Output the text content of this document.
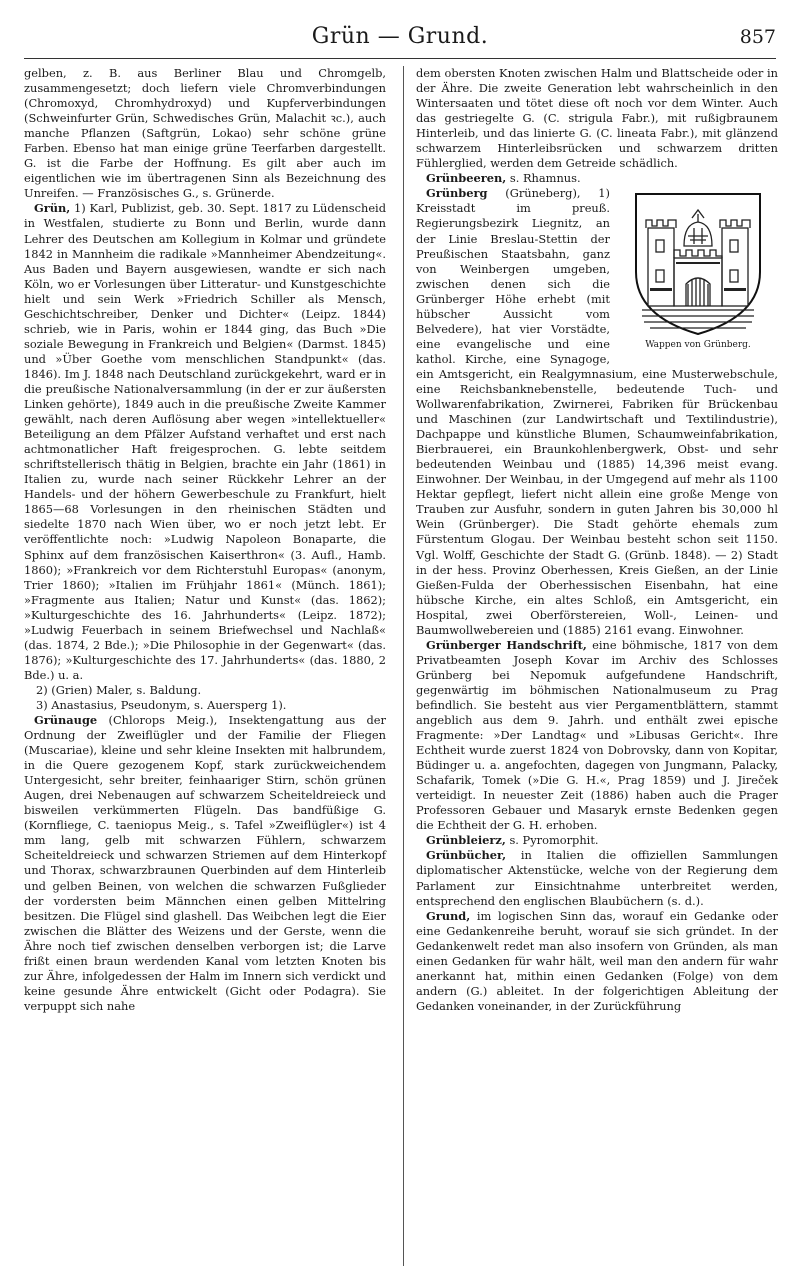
Grün — Grund.	857

gelben, z. B. aus Berliner Blau und Chromgelb, zusammengesetzt; doch liefern viele Chromverbindungen (Chromoxyd, Chromhydroxyd) und Kupferverbindungen (Schweinfurter Grün, Schwedisches Grün, Malachit ꝛc.), auch manche Pflanzen (Saftgrün, Lokao) sehr schöne grüne Farben. Ebenso hat man einige grüne Teerfarben dargestellt. G. ist die Farbe der Hoffnung. Es gilt aber auch im eigentlichen wie im übertragenen Sinn als Bezeichnung des Unreifen. — Französisches G., s. Grünerde.

Grün, 1) Karl, Publizist, geb. 30. Sept. 1817 zu Lüdenscheid in Westfalen, studierte zu Bonn und Berlin, wurde dann Lehrer des Deutschen am Kollegium in Kolmar und gründete 1842 in Mannheim die radikale »Mannheimer Abendzeitung«. Aus Baden und Bayern ausgewiesen, wandte er sich nach Köln, wo er Vorlesungen über Litteratur- und Kunstgeschichte hielt und sein Werk »Friedrich Schiller als Mensch, Geschichtschreiber, Denker und Dichter« (Leipz. 1844) schrieb, wie in Paris, wohin er 1844 ging, das Buch »Die soziale Bewegung in Frankreich und Belgien« (Darmst. 1845) und »Über Goethe vom menschlichen Standpunkt« (das. 1846). Im J. 1848 nach Deutschland zurückgekehrt, ward er in die preußische Nationalversammlung (in der er zur äußersten Linken gehörte), 1849 auch in die preußische Zweite Kammer gewählt, nach deren Auflösung aber wegen »intellektueller« Beteiligung an dem Pfälzer Aufstand verhaftet und erst nach achtmonatlicher Haft freigesprochen. G. lebte seitdem schriftstellerisch thätig in Belgien, brachte ein Jahr (1861) in Italien zu, wurde nach seiner Rückkehr Lehrer an der Handels- und der höhern Gewerbeschule zu Frankfurt, hielt 1865—68 Vorlesungen in den rheinischen Städten und siedelte 1870 nach Wien über, wo er noch jetzt lebt. Er veröffentlichte noch: »Ludwig Napoleon Bonaparte, die Sphinx auf dem französischen Kaiserthron« (3. Aufl., Hamb. 1860); »Frankreich vor dem Richterstuhl Europas« (anonym, Trier 1860); »Italien im Frühjahr 1861« (Münch. 1861); »Fragmente aus Italien; Natur und Kunst« (das. 1862); »Kulturgeschichte des 16. Jahrhunderts« (Leipz. 1872); »Ludwig Feuerbach in seinem Briefwechsel und Nachlaß« (das. 1874, 2 Bde.); »Die Philosophie in der Gegenwart« (das. 1876); »Kulturgeschichte des 17. Jahrhunderts« (das. 1880, 2 Bde.) u. a.

2) (Grien) Maler, s. Baldung.

3) Anastasius, Pseudonym, s. Auersperg 1).

Grünauge (Chlorops Meig.), Insektengattung aus der Ordnung der Zweiflügler und der Familie der Fliegen (Muscariae), kleine und sehr kleine Insekten mit halbrundem, in die Quere gezogenem Kopf, stark zurückweichendem Untergesicht, sehr breiter, feinhaariger Stirn, schön grünen Augen, drei Nebenaugen auf schwarzem Scheiteldreieck und bisweilen verkümmerten Flügeln. Das bandfüßige G. (Kornfliege, C. taeniopus Meig., s. Tafel »Zweiflügler«) ist 4 mm lang, gelb mit schwarzen Fühlern, schwarzem Scheiteldreieck und schwarzen Striemen auf dem Hinterkopf und Thorax, schwarzbraunen Querbinden auf dem Hinterleib und gelben Beinen, von welchen die schwarzen Fußglieder der vordersten beim Männchen einen gelben Mittelring besitzen. Die Flügel sind glashell. Das Weibchen legt die Eier zwischen die Blätter des Weizens und der Gerste, wenn die Ähre noch tief zwischen denselben verborgen ist; die Larve frißt einen braun werdenden Kanal vom letzten Knoten bis zur Ähre, infolgedessen der Halm im Innern sich verdickt und keine gesunde Ähre entwickelt (Gicht oder Podagra). Sie verpuppt sich nahe

dem obersten Knoten zwischen Halm und Blattscheide oder in der Ähre. Die zweite Generation lebt wahrscheinlich in den Wintersaaten und tötet diese oft noch vor dem Winter. Auch das gestriegelte G. (C. strigula Fabr.), mit rußigbraunem Hinterleib, und das linierte G. (C. lineata Fabr.), mit glänzend schwarzem Hinterleibsrücken und schwarzem dritten Fühlerglied, werden dem Getreide schädlich.

Grünbeeren, s. Rhamnus.

Wappen von Grünberg.

Grünberg (Grüneberg), 1) Kreisstadt im preuß. Regierungsbezirk Liegnitz, an der Linie Breslau-Stettin der Preußischen Staatsbahn, ganz von Weinbergen umgeben, zwischen denen sich die Grünberger Höhe erhebt (mit hübscher Aussicht vom Belvedere), hat vier Vorstädte, eine evangelische und eine kathol. Kirche, eine Synagoge, ein Amtsgericht, ein Realgymnasium, eine Musterwebschule, eine Reichsbanknebenstelle, bedeutende Tuch- und Wollwarenfabrikation, Zwirnerei, Fabriken für Brückenbau und Maschinen (zur Landwirtschaft und Textilindustrie), Dachpappe und künstliche Blumen, Schaumweinfabrikation, Bierbrauerei, ein Braunkohlenbergwerk, Obst- und sehr bedeutenden Weinbau und (1885) 14,396 meist evang. Einwohner. Der Weinbau, in der Umgegend auf mehr als 1100 Hektar gepflegt, liefert nicht allein eine große Menge von Trauben zur Ausfuhr, sondern in guten Jahren bis 30,000 hl Wein (Grünberger). Die Stadt gehörte ehemals zum Fürstentum Glogau. Der Weinbau besteht schon seit 1150. Vgl. Wolff, Geschichte der Stadt G. (Grünb. 1848). — 2) Stadt in der hess. Provinz Oberhessen, Kreis Gießen, an der Linie Gießen-Fulda der Oberhessischen Eisenbahn, hat eine hübsche Kirche, ein altes Schloß, ein Amtsgericht, ein Hospital, zwei Oberförstereien, Woll-, Leinen- und Baumwollwebereien und (1885) 2161 evang. Einwohner.

Grünberger Handschrift, eine böhmische, 1817 von dem Privatbeamten Joseph Kovar im Archiv des Schlosses Grünberg bei Nepomuk aufgefundene Handschrift, gegenwärtig im böhmischen Nationalmuseum zu Prag befindlich. Sie besteht aus vier Pergamentblättern, stammt angeblich aus dem 9. Jahrh. und enthält zwei epische Fragmente: »Der Landtag« und »Libusas Gericht«. Ihre Echtheit wurde zuerst 1824 von Dobrovsky, dann von Kopitar, Büdinger u. a. angefochten, dagegen von Jungmann, Palacky, Schafarik, Tomek (»Die G. H.«, Prag 1859) und J. Jireček verteidigt. In neuester Zeit (1886) haben auch die Prager Professoren Gebauer und Masaryk ernste Bedenken gegen die Echtheit der G. H. erhoben.

Grünbleierz, s. Pyromorphit.

Grünbücher, in Italien die offiziellen Sammlungen diplomatischer Aktenstücke, welche von der Regierung dem Parlament zur Einsichtnahme unterbreitet werden, entsprechend den englischen Blaubüchern (s. d.).

Grund, im logischen Sinn das, worauf ein Gedanke oder eine Gedankenreihe beruht, worauf sie sich gründet. In der Gedankenwelt redet man also insofern von Gründen, als man einen Gedanken für wahr hält, weil man den andern für wahr anerkannt hat, mithin einen Gedanken (Folge) von dem andern (G.) ableitet. In der folgerichtigen Ableitung der Gedanken voneinander, in der Zurückführung
